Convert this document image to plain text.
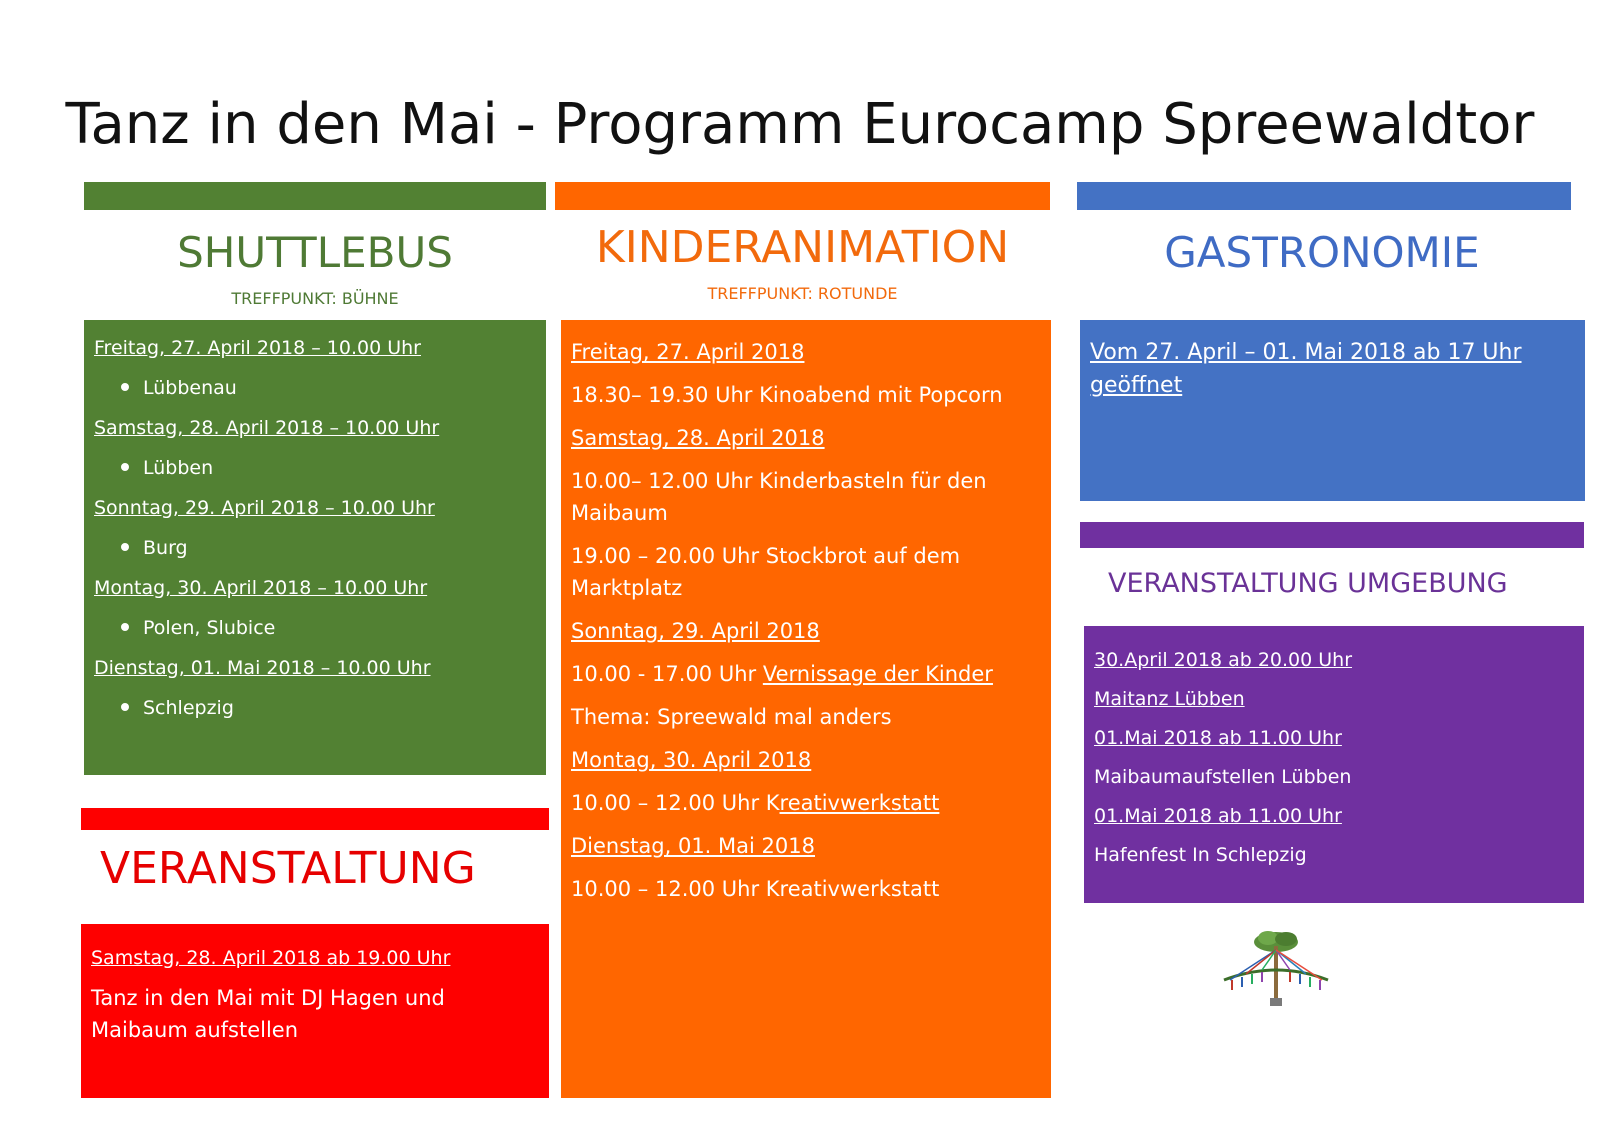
Tanz in den Mai - Programm Eurocamp Spreewaldtor
SHUTTLEBUS
TREFFPUNKT: BÜHNE
Freitag, 27. April 2018 – 10.00 Uhr
Lübbenau
Samstag, 28. April 2018 – 10.00 Uhr
Lübben
Sonntag, 29. April 2018 – 10.00 Uhr
Burg
Montag, 30. April 2018 – 10.00 Uhr
Polen, Slubice
Dienstag, 01. Mai 2018 – 10.00 Uhr
Schlepzig
VERANSTALTUNG
Samstag, 28. April 2018 ab 19.00 Uhr
Tanz in den Mai mit DJ Hagen und
Maibaum aufstellen
KINDERANIMATION
TREFFPUNKT: ROTUNDE
Freitag, 27. April 2018
18.30– 19.30 Uhr Kinoabend mit Popcorn
Samstag, 28. April 2018
10.00– 12.00 Uhr Kinderbasteln für den
Maibaum
19.00 – 20.00 Uhr Stockbrot auf dem
Marktplatz
Sonntag, 29. April 2018
10.00 - 17.00 Uhr Vernissage der Kinder
Thema: Spreewald mal anders
Montag, 30. April 2018
10.00 – 12.00 Uhr Kreativwerkstatt
Dienstag, 01. Mai 2018
10.00 – 12.00 Uhr Kreativwerkstatt
GASTRONOMIE
Vom 27. April – 01. Mai 2018 ab 17 Uhr
geöffnet
VERANSTALTUNG UMGEBUNG
30.April 2018 ab 20.00 Uhr
Maitanz Lübben
01.Mai 2018 ab 11.00 Uhr
Maibaumaufstellen Lübben
01.Mai 2018 ab 11.00 Uhr
Hafenfest In Schlepzig
